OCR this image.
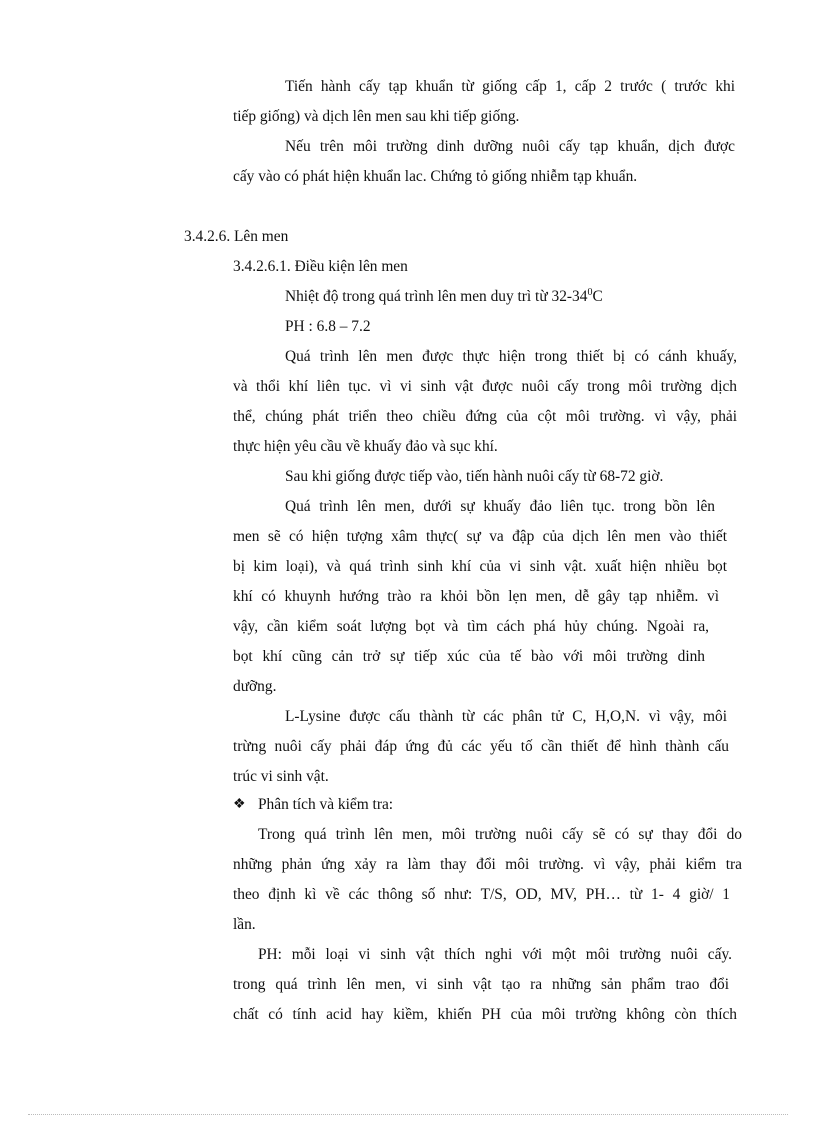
Tiến hành cấy tạp khuẩn từ giống cấp 1, cấp 2 trước ( trước khi
tiếp giống) và dịch lên men sau khi tiếp giống.
Nếu trên môi trường dinh dưỡng nuôi cấy tạp khuẩn, dịch được
cấy vào có phát hiện khuẩn lac. Chứng tỏ giống nhiễm tạp khuẩn.
3.4.2.6. Lên men
3.4.2.6.1. Điều kiện lên men
Nhiệt độ trong quá trình lên men duy trì từ $32-34^0C$
PH : 6.8 – 7.2
Quá trình lên men được thực hiện trong thiết bị có cánh khuấy,
và thổi khí liên tục. vì vi sinh vật được nuôi cấy trong môi trường dịch
thể, chúng phát triển theo chiều đứng của cột môi trường. vì vậy, phải
thực hiện yêu cầu về khuấy đảo và sục khí.
Sau khi giống được tiếp vào, tiến hành nuôi cấy từ 68-72 giờ.
Quá trình lên men, dưới sự khuấy đảo liên tục. trong bồn lên
men sẽ có hiện tượng xâm thực( sự va đập của dịch lên men vào thiết
bị kim loại), và quá trình sinh khí của vi sinh vật. xuất hiện nhiều bọt
khí có khuynh hướng trào ra khỏi bồn lẹn men, dễ gây tạp nhiễm. vì
vậy, cần kiểm soát lượng bọt và tìm cách phá hủy chúng. Ngoài ra,
bọt khí cũng cản trở sự tiếp xúc của tế bào với môi trường dinh
dưỡng.
L-Lysine được cấu thành từ các phân tử C, H,O,N. vì vậy, môi
trừng nuôi cấy phải đáp ứng đủ các yếu tố cần thiết để hình thành cấu
trúc vi sinh vật.
❖ Phân tích và kiểm tra:
Trong quá trình lên men, môi trường nuôi cấy sẽ có sự thay đổi do
những phản ứng xảy ra làm thay đổi môi trường. vì vậy, phải kiểm tra
theo định kì về các thông số như: T/S, OD, MV, PH… từ 1- 4 giờ/ 1
lần.
PH: mỗi loại vi sinh vật thích nghi với một môi trường nuôi cấy.
trong quá trình lên men, vi sinh vật tạo ra những sản phẩm trao đổi
chất có tính acid hay kiềm, khiến PH của môi trường không còn thích
